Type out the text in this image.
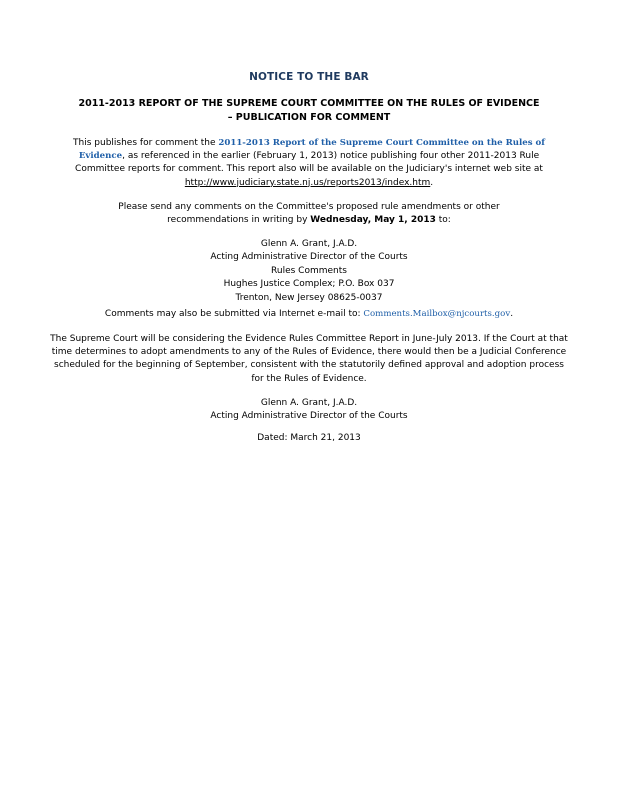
NOTICE TO THE BAR
2011-2013 REPORT OF THE SUPREME COURT COMMITTEE ON THE RULES OF EVIDENCE
– PUBLICATION FOR COMMENT
This publishes for comment the 2011-2013 Report of the Supreme Court Committee on the Rules of Evidence, as referenced in the earlier (February 1, 2013) notice publishing four other 2011-2013 Rule Committee reports for comment. This report also will be available on the Judiciary's internet web site at http://www.judiciary.state.nj.us/reports2013/index.htm.
Please send any comments on the Committee's proposed rule amendments or other recommendations in writing by Wednesday, May 1, 2013 to:
Glenn A. Grant, J.A.D.
Acting Administrative Director of the Courts
Rules Comments
Hughes Justice Complex; P.O. Box 037
Trenton, New Jersey 08625-0037
Comments may also be submitted via Internet e-mail to: Comments.Mailbox@njcourts.gov.
The Supreme Court will be considering the Evidence Rules Committee Report in June-July 2013. If the Court at that time determines to adopt amendments to any of the Rules of Evidence, there would then be a Judicial Conference scheduled for the beginning of September, consistent with the statutorily defined approval and adoption process for the Rules of Evidence.
Glenn A. Grant, J.A.D.
Acting Administrative Director of the Courts
Dated: March 21, 2013
